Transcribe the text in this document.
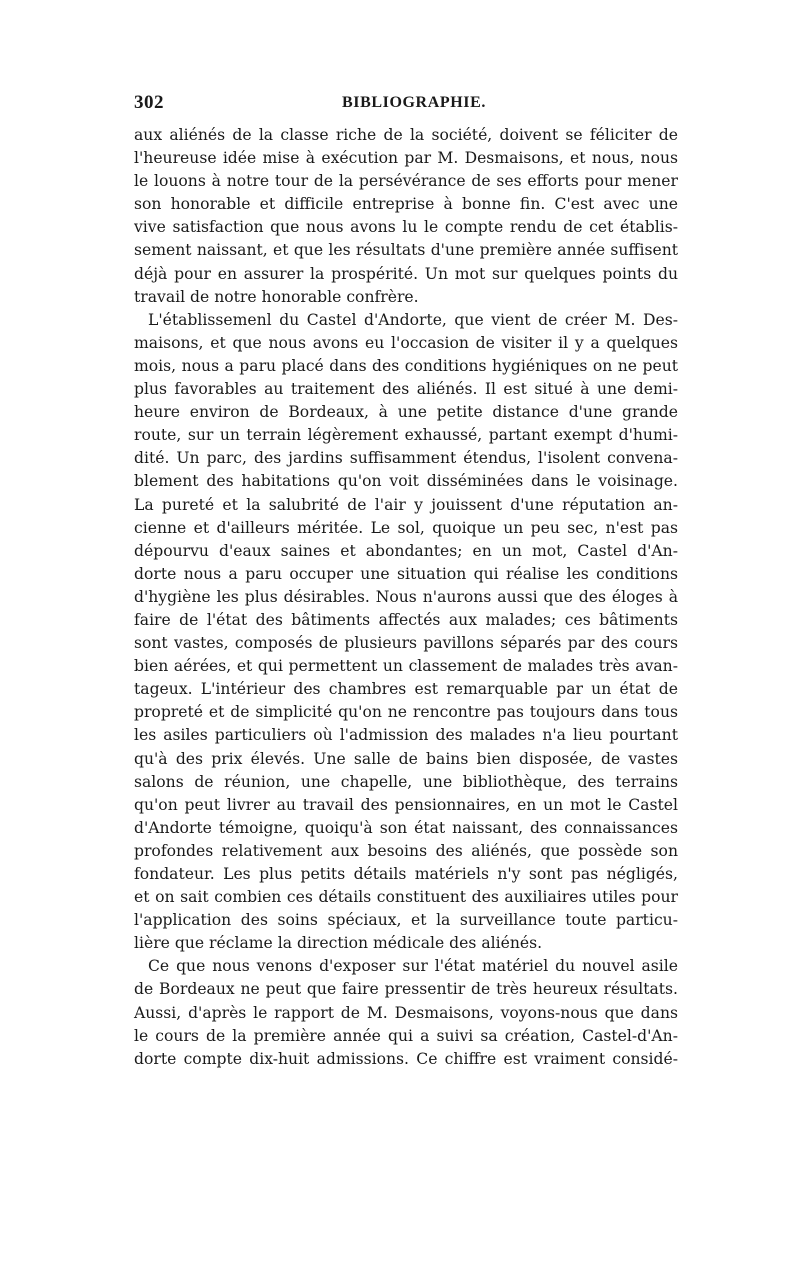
302	BIBLIOGRAPHIE.
aux aliénés de la classe riche de la société, doivent se féliciter de
l'heureuse idée mise à exécution par M. Desmaisons, et nous, nous
le louons à notre tour de la persévérance de ses efforts pour mener
son honorable et difficile entreprise à bonne fin. C'est avec une
vive satisfaction que nous avons lu le compte rendu de cet établis-
sement naissant, et que les résultats d'une première année suffisent
déjà pour en assurer la prospérité. Un mot sur quelques points du
travail de notre honorable confrère.
L'établissemenl du Castel d'Andorte, que vient de créer M. Des-
maisons, et que nous avons eu l'occasion de visiter il y a quelques
mois, nous a paru placé dans des conditions hygiéniques on ne peut
plus favorables au traitement des aliénés. Il est situé à une demi-
heure environ de Bordeaux, à une petite distance d'une grande
route, sur un terrain légèrement exhaussé, partant exempt d'humi-
dité. Un parc, des jardins suffisamment étendus, l'isolent convena-
blement des habitations qu'on voit disséminées dans le voisinage.
La pureté et la salubrité de l'air y jouissent d'une réputation an-
cienne et d'ailleurs méritée. Le sol, quoique un peu sec, n'est pas
dépourvu d'eaux saines et abondantes; en un mot, Castel d'An-
dorte nous a paru occuper une situation qui réalise les conditions
d'hygiène les plus désirables. Nous n'aurons aussi que des éloges à
faire de l'état des bâtiments affectés aux malades; ces bâtiments
sont vastes, composés de plusieurs pavillons séparés par des cours
bien aérées, et qui permettent un classement de malades très avan-
tageux. L'intérieur des chambres est remarquable par un état de
propreté et de simplicité qu'on ne rencontre pas toujours dans tous
les asiles particuliers où l'admission des malades n'a lieu pourtant
qu'à des prix élevés. Une salle de bains bien disposée, de vastes
salons de réunion, une chapelle, une bibliothèque, des terrains
qu'on peut livrer au travail des pensionnaires, en un mot le Castel
d'Andorte témoigne, quoiqu'à son état naissant, des connaissances
profondes relativement aux besoins des aliénés, que possède son
fondateur. Les plus petits détails matériels n'y sont pas négligés,
et on sait combien ces détails constituent des auxiliaires utiles pour
l'application des soins spéciaux, et la surveillance toute particu-
lière que réclame la direction médicale des aliénés.
Ce que nous venons d'exposer sur l'état matériel du nouvel asile
de Bordeaux ne peut que faire pressentir de très heureux résultats.
Aussi, d'après le rapport de M. Desmaisons, voyons-nous que dans
le cours de la première année qui a suivi sa création, Castel-d'An-
dorte compte dix-huit admissions. Ce chiffre est vraiment considé-
